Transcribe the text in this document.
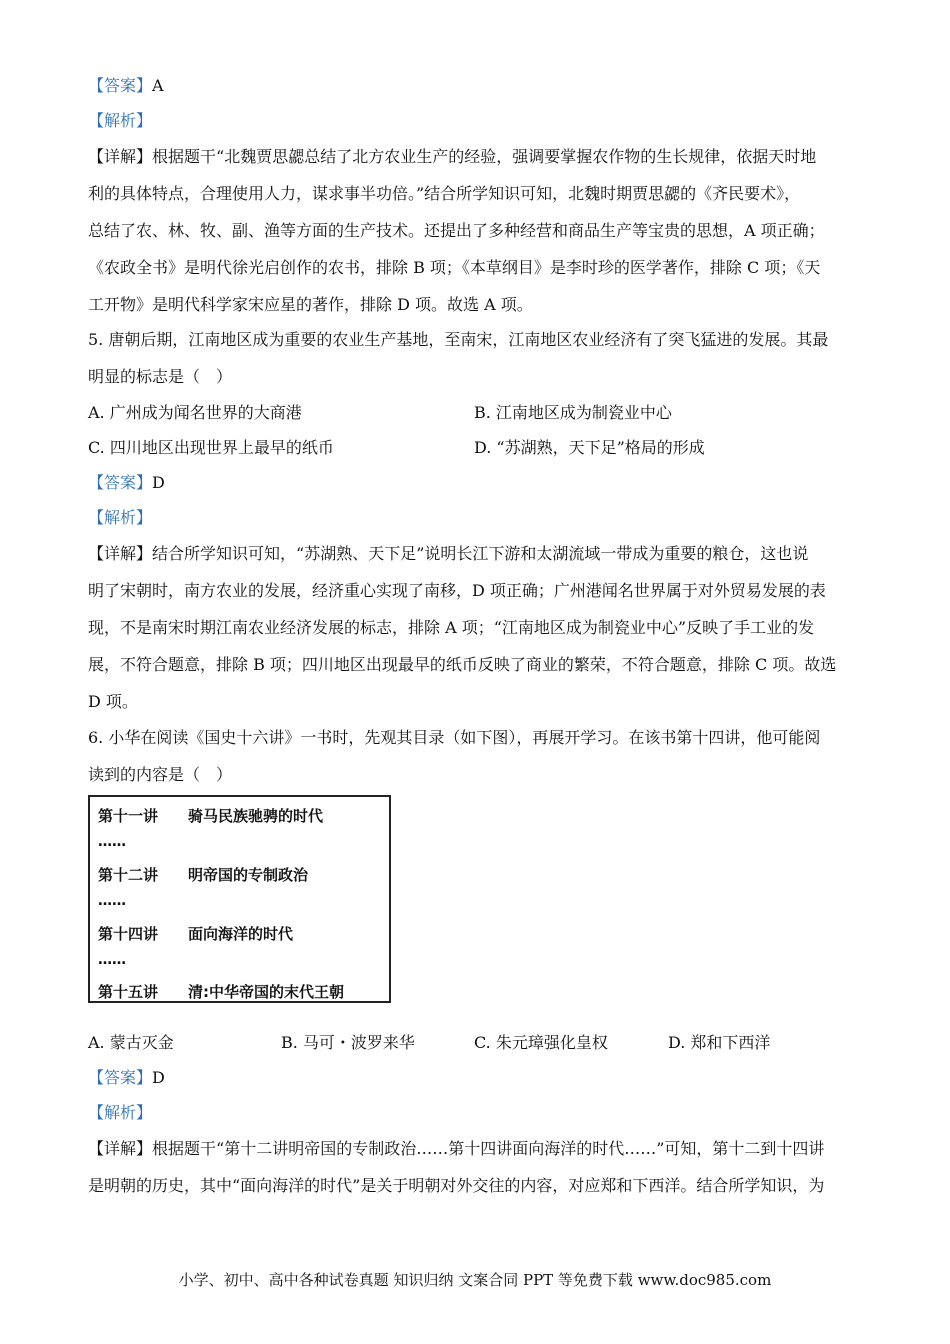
【答案】A
【解析】
【详解】根据题干“北魏贾思勰总结了北方农业生产的经验，强调要掌握农作物的生长规律，依据天时地
利的具体特点，合理使用人力，谋求事半功倍。”结合所学知识可知，北魏时期贾思勰的《齐民要术》，
总结了农、林、牧、副、渔等方面的生产技术。还提出了多种经营和商品生产等宝贵的思想，A 项正确；
《农政全书》是明代徐光启创作的农书，排除 B 项；《本草纲目》是李时珍的医学著作，排除 C 项；《天
工开物》是明代科学家宋应星的著作，排除 D 项。故选 A 项。
5. 唐朝后期，江南地区成为重要的农业生产基地，至南宋，江南地区农业经济有了突飞猛进的发展。其最
明显的标志是（　）
A. 广州成为闻名世界的大商港	B. 江南地区成为制瓷业中心
C. 四川地区出现世界上最早的纸币	D. “苏湖熟，天下足”格局的形成
【答案】D
【解析】
【详解】结合所学知识可知，“苏湖熟、天下足”说明长江下游和太湖流域一带成为重要的粮仓，这也说
明了宋朝时，南方农业的发展，经济重心实现了南移，D 项正确；广州港闻名世界属于对外贸易发展的表
现，不是南宋时期江南农业经济发展的标志，排除 A 项；“江南地区成为制瓷业中心”反映了手工业的发
展，不符合题意，排除 B 项；四川地区出现最早的纸币反映了商业的繁荣，不符合题意，排除 C 项。故选
D 项。
6. 小华在阅读《国史十六讲》一书时，先观其目录（如下图），再展开学习。在该书第十四讲，他可能阅
读到的内容是（　）
第十一讲 骑马民族驰骋的时代
……
第十二讲 明帝国的专制政治
……
第十四讲 面向海洋的时代
……
第十五讲 清:中华帝国的末代王朝
A. 蒙古灭金	B. 马可・波罗来华	C. 朱元璋强化皇权	D. 郑和下西洋
【答案】D
【解析】
【详解】根据题干“第十二讲明帝国的专制政治……第十四讲面向海洋的时代……”可知，第十二到十四讲
是明朝的历史，其中“面向海洋的时代”是关于明朝对外交往的内容，对应郑和下西洋。结合所学知识，为
小学、初中、高中各种试卷真题 知识归纳 文案合同 PPT 等免费下载 www.doc985.com
